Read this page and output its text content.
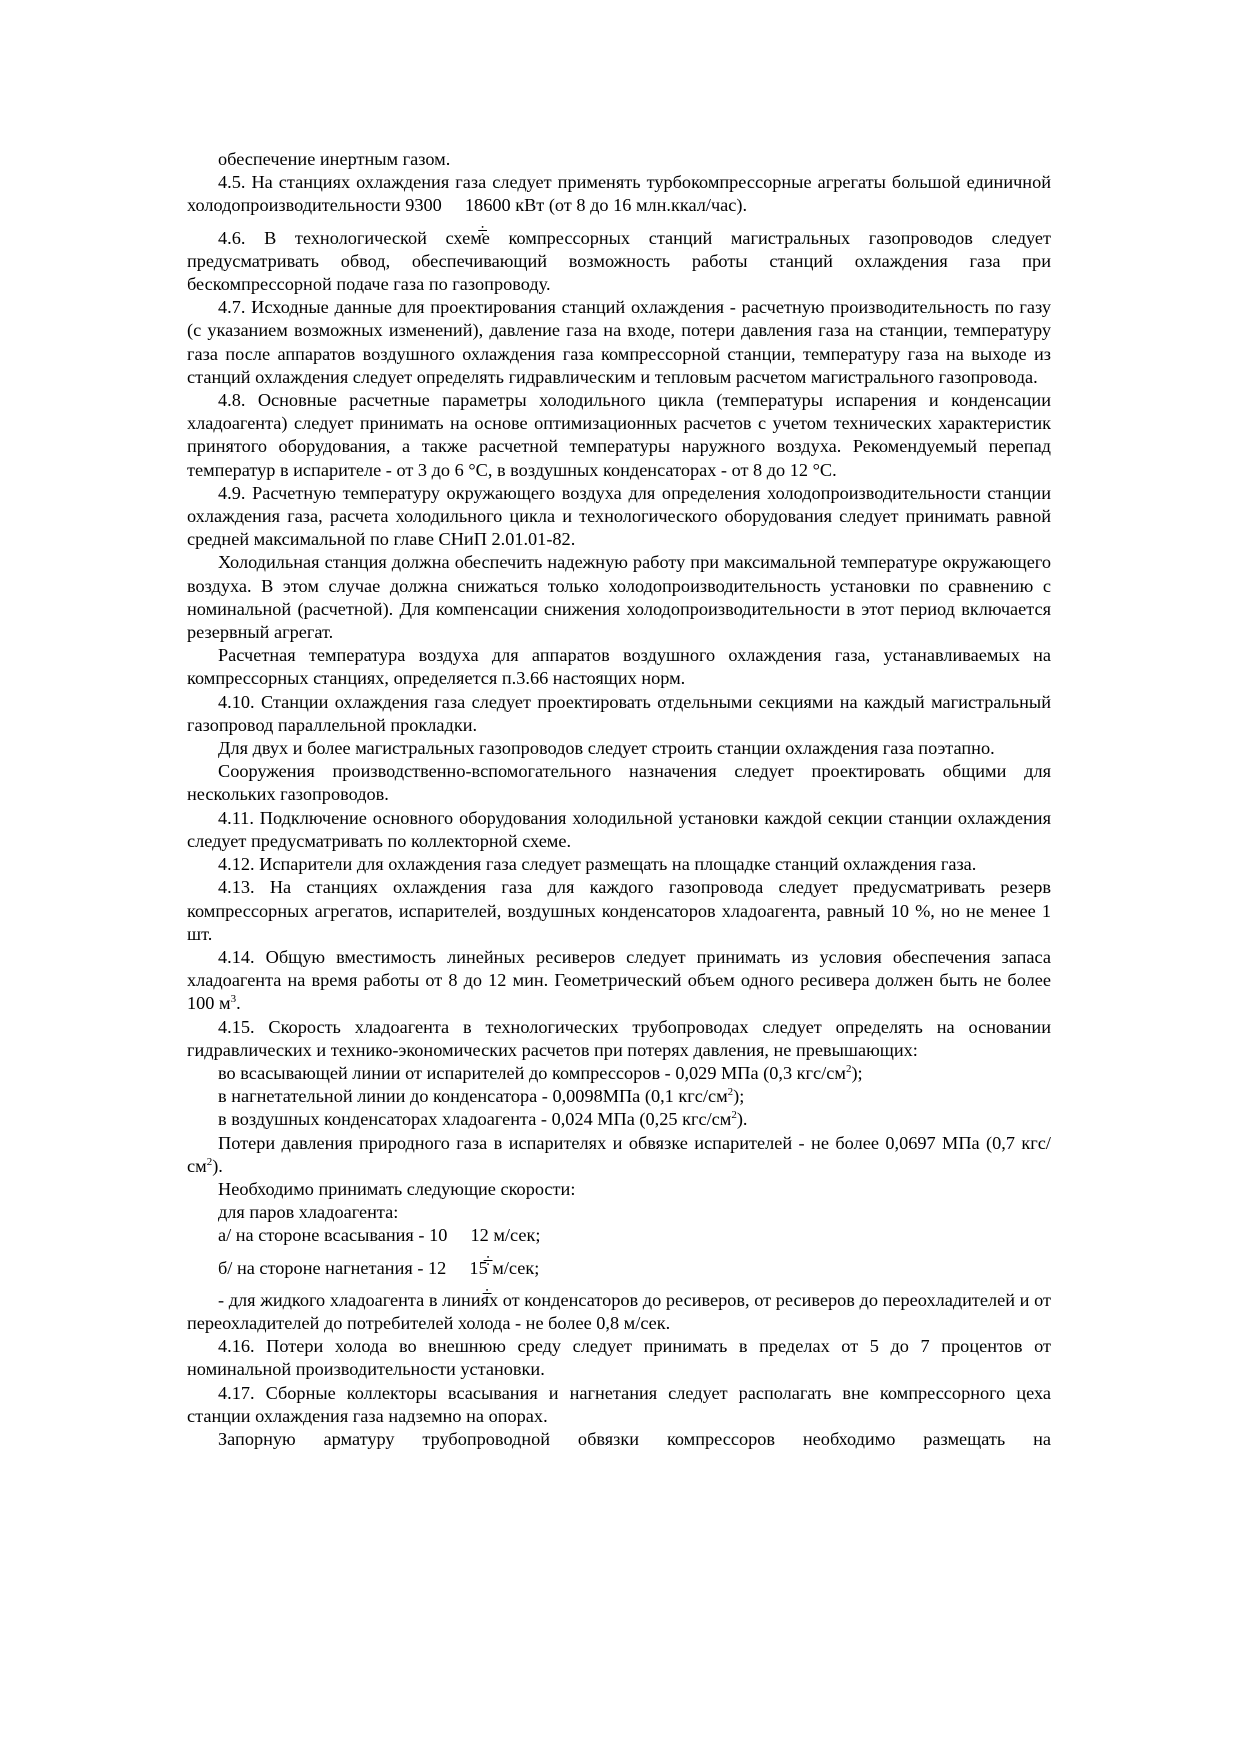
обеспечение инертным газом.

4.5. На станциях охлаждения газа следует применять турбокомпрессорные агрегаты большой единичной холодопроизводительности 9300  18600 кВт (от 8 до 16 млн.ккал/час).

4.6. В технологической схеме компрессорных станций магистральных газопроводов следует предусматривать обвод, обеспечивающий возможность работы станций охлаждения газа при бескомпрессорной подаче газа по газопроводу.

4.7. Исходные данные для проектирования станций охлаждения - расчетную производительность по газу (с указанием возможных изменений), давление газа на входе, потери давления газа на станции, температуру газа после аппаратов воздушного охлаждения газа компрессорной станции, температуру газа на выходе из станций охлаждения следует определять гидравлическим и тепловым расчетом магистрального газопровода.

4.8. Основные расчетные параметры холодильного цикла (температуры испарения и конденсации хладоагента) следует принимать на основе оптимизационных расчетов с учетом технических характеристик принятого оборудования, а также расчетной температуры наружного воздуха. Рекомендуемый перепад температур в испарителе - от 3 до 6 °С, в воздушных конденсаторах - от 8 до 12 °С.

4.9. Расчетную температуру окружающего воздуха для определения холодопроизводительности станции охлаждения газа, расчета холодильного цикла и технологического оборудования следует принимать равной средней максимальной по главе СНиП 2.01.01-82.

Холодильная станция должна обеспечить надежную работу при максимальной температуре окружающего воздуха. В этом случае должна снижаться только холодопроизводительность установки по сравнению с номинальной (расчетной). Для компенсации снижения холодопроизводительности в этот период включается резервный агрегат.

Расчетная температура воздуха для аппаратов воздушного охлаждения газа, устанавливаемых на компрессорных станциях, определяется п.3.66 настоящих норм.

4.10. Станции охлаждения газа следует проектировать отдельными секциями на каждый магистральный газопровод параллельной прокладки.

Для двух и более магистральных газопроводов следует строить станции охлаждения газа поэтапно.

Сооружения производственно-вспомогательного назначения следует проектировать общими для нескольких газопроводов.

4.11. Подключение основного оборудования холодильной установки каждой секции станции охлаждения следует предусматривать по коллекторной схеме.

4.12. Испарители для охлаждения газа следует размещать на площадке станций охлаждения газа.

4.13. На станциях охлаждения газа для каждого газопровода следует предусматривать резерв компрессорных агрегатов, испарителей, воздушных конденсаторов хладоагента, равный 10 %, но не менее 1 шт.

4.14. Общую вместимость линейных ресиверов следует принимать из условия обеспечения запаса хладоагента на время работы от 8 до 12 мин. Геометрический объем одного ресивера должен быть не более 100 $м^3$.

4.15. Скорость хладоагента в технологических трубопроводах следует определять на основании гидравлических и технико-экономических расчетов при потерях давления, не превышающих:

во всасывающей линии от испарителей до компрессоров - 0,029 МПа (0,3 кгс/$см^2$);

в нагнетательной линии до конденсатора - 0,0098МПа (0,1 кгс/$см^2$);

в воздушных конденсаторах хладоагента - 0,024 МПа (0,25 кгс/$см^2$).

Потери давления природного газа в испарителях и обвязке испарителей - не более 0,0697 МПа (0,7 кгс/$см^2$).

Необходимо принимать следующие скорости:

для паров хладоагента:

а/ на стороне всасывания - 10  12 м/сек;

б/ на стороне нагнетания - 12  15 м/сек;

- для жидкого хладоагента в линиях от конденсаторов до ресиверов, от ресиверов до переохладителей и от переохладителей до потребителей холода - не более 0,8 м/сек.

4.16. Потери холода во внешнюю среду следует принимать в пределах от 5 до 7 процентов от номинальной производительности установки.

4.17. Сборные коллекторы всасывания и нагнетания следует располагать вне компрессорного цеха станции охлаждения газа надземно на опорах.

Запорную арматуру трубопроводной обвязки компрессоров необходимо размещать на
